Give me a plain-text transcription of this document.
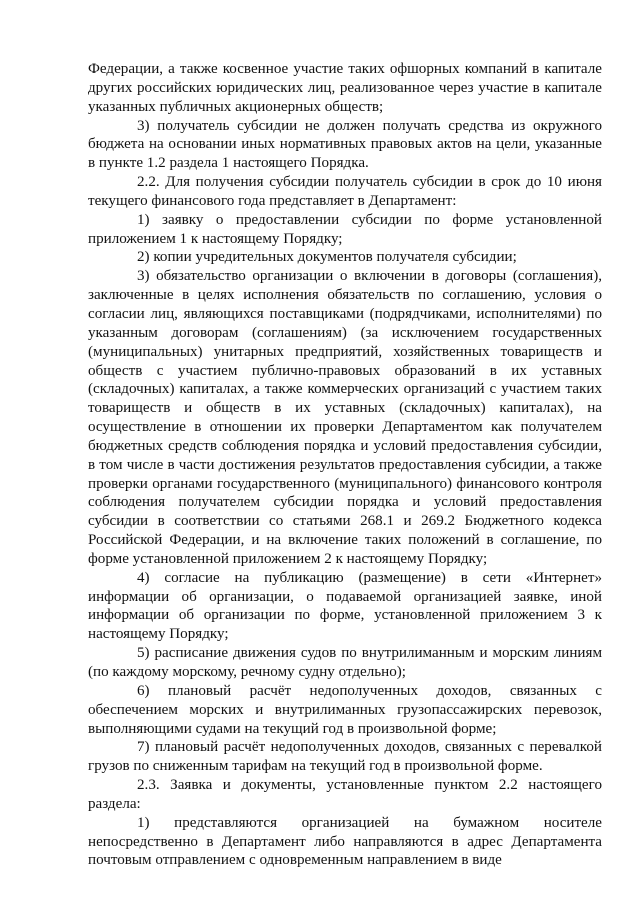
Федерации, а также косвенное участие таких офшорных компаний в капитале других российских юридических лиц, реализованное через участие в капитале указанных публичных акционерных обществ;

3) получатель субсидии не должен получать средства из окружного бюджета на основании иных нормативных правовых актов на цели, указанные в пункте 1.2 раздела 1 настоящего Порядка.

2.2. Для получения субсидии получатель субсидии в срок до 10 июня текущего финансового года представляет в Департамент:

1) заявку о предоставлении субсидии по форме установленной приложением 1 к настоящему Порядку;

2) копии учредительных документов получателя субсидии;

3) обязательство организации о включении в договоры (соглашения), заключенные в целях исполнения обязательств по соглашению, условия о согласии лиц, являющихся поставщиками (подрядчиками, исполнителями) по указанным договорам (соглашениям) (за исключением государственных (муниципальных) унитарных предприятий, хозяйственных товариществ и обществ с участием публично-правовых образований в их уставных (складочных) капиталах, а также коммерческих организаций с участием таких товариществ и обществ в их уставных (складочных) капиталах), на осуществление в отношении их проверки Департаментом как получателем бюджетных средств соблюдения порядка и условий предоставления субсидии, в том числе в части достижения результатов предоставления субсидии, а также проверки органами государственного (муниципального) финансового контроля соблюдения получателем субсидии порядка и условий предоставления субсидии в соответствии со статьями 268.1 и 269.2 Бюджетного кодекса Российской Федерации, и на включение таких положений в соглашение, по форме установленной приложением 2 к настоящему Порядку;

4) согласие на публикацию (размещение) в сети «Интернет» информации об организации, о подаваемой организацией заявке, иной информации об организации по форме, установленной приложением 3 к настоящему Порядку;

5) расписание движения судов по внутрилиманным и морским линиям (по каждому морскому, речному судну отдельно);

6) плановый расчёт недополученных доходов, связанных с обеспечением морских и внутрилиманных грузопассажирских перевозок, выполняющими судами на текущий год в произвольной форме;

7) плановый расчёт недополученных доходов, связанных с перевалкой грузов по сниженным тарифам на текущий год в произвольной форме.

2.3. Заявка и документы, установленные пунктом 2.2 настоящего раздела:

1) представляются организацией на бумажном носителе непосредственно в Департамент либо направляются в адрес Департамента почтовым отправлением с одновременным направлением в виде
